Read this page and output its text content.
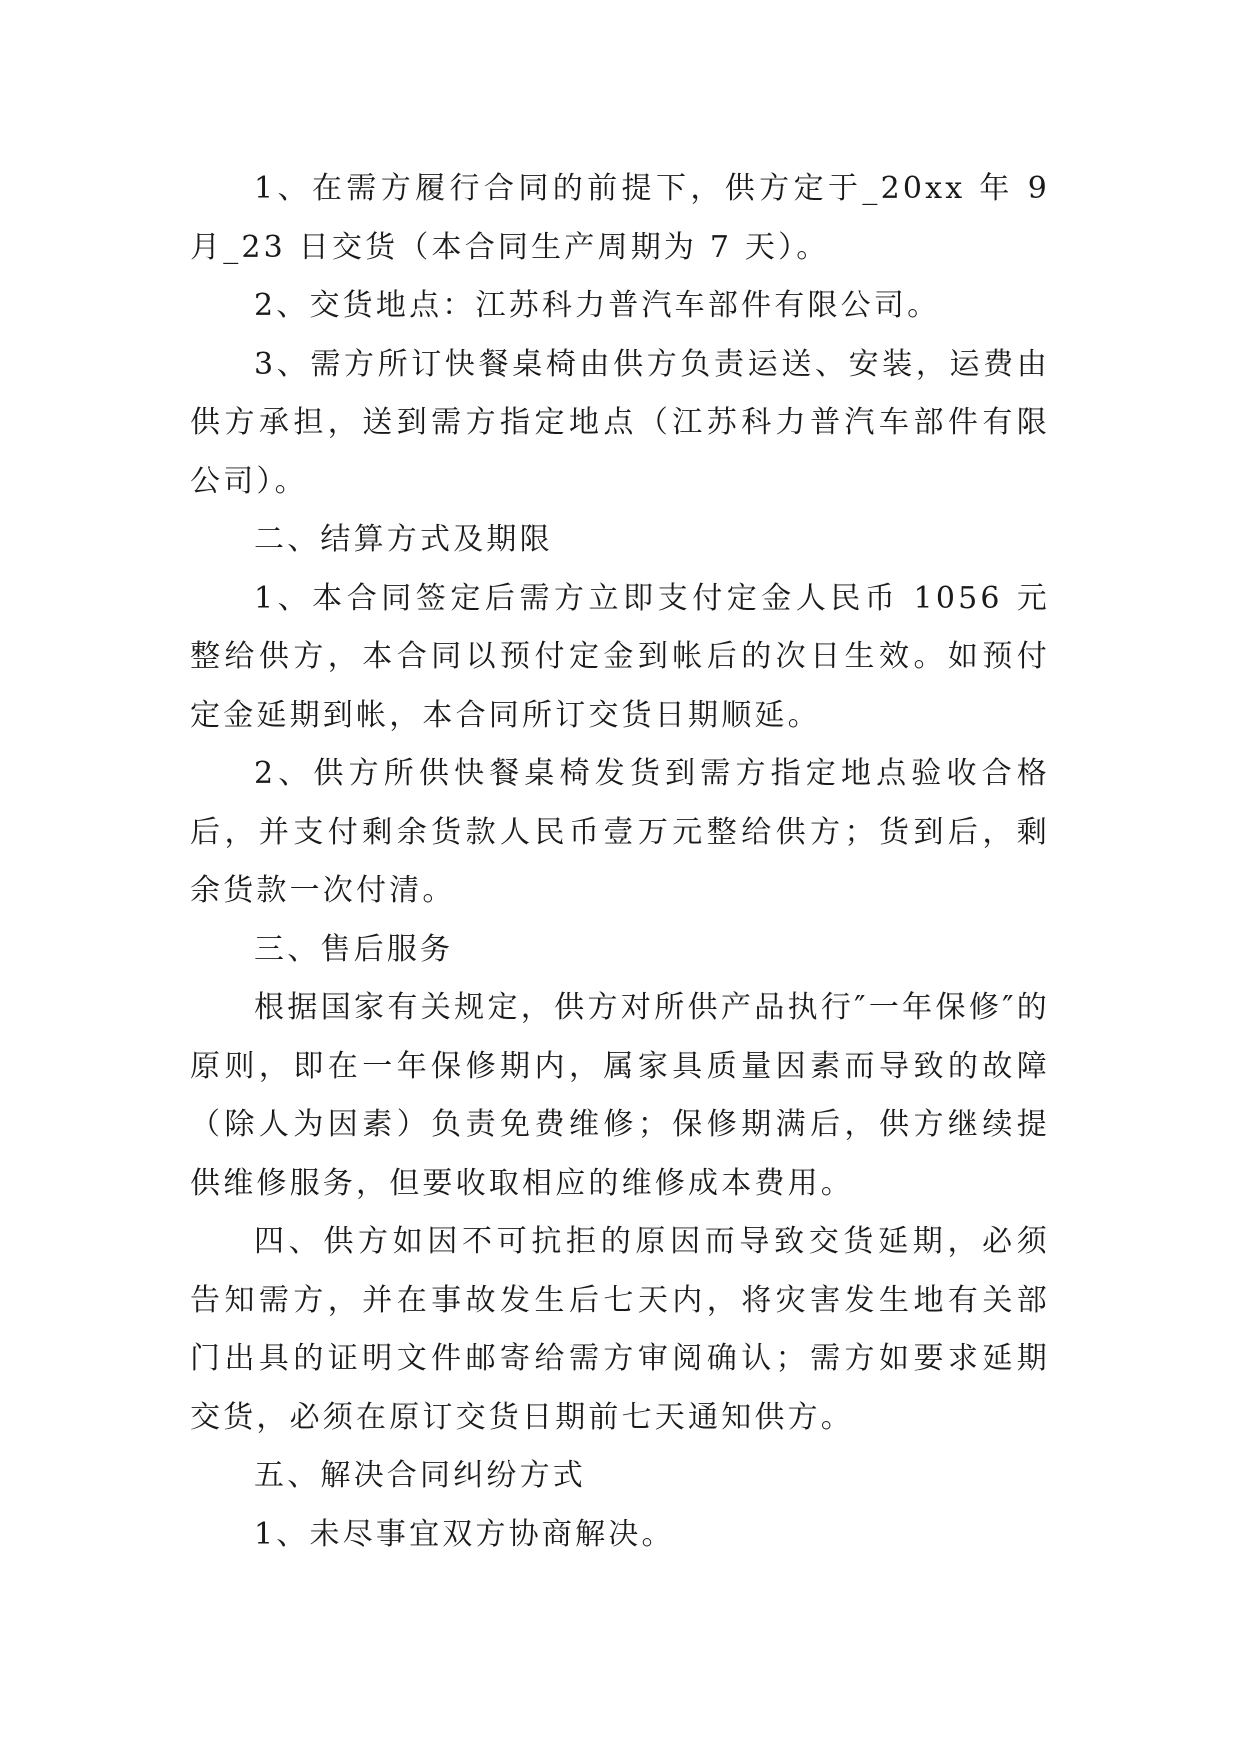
1、在需方履行合同的前提下，供方定于_20xx 年 9 月_23 日交货（本合同生产周期为 7 天）。

2、交货地点：江苏科力普汽车部件有限公司。

3、需方所订快餐桌椅由供方负责运送、安装，运费由供方承担，送到需方指定地点（江苏科力普汽车部件有限公司）。

二、结算方式及期限

1、本合同签定后需方立即支付定金人民币 1056 元整给供方，本合同以预付定金到帐后的次日生效。如预付定金延期到帐，本合同所订交货日期顺延。

2、供方所供快餐桌椅发货到需方指定地点验收合格后，并支付剩余货款人民币壹万元整给供方；货到后，剩余货款一次付清。

三、售后服务

根据国家有关规定，供方对所供产品执行″一年保修″的原则，即在一年保修期内，属家具质量因素而导致的故障（除人为因素）负责免费维修；保修期满后，供方继续提供维修服务，但要收取相应的维修成本费用。

四、供方如因不可抗拒的原因而导致交货延期，必须告知需方，并在事故发生后七天内，将灾害发生地有关部门出具的证明文件邮寄给需方审阅确认；需方如要求延期交货，必须在原订交货日期前七天通知供方。

五、解决合同纠纷方式

1、未尽事宜双方协商解决。
